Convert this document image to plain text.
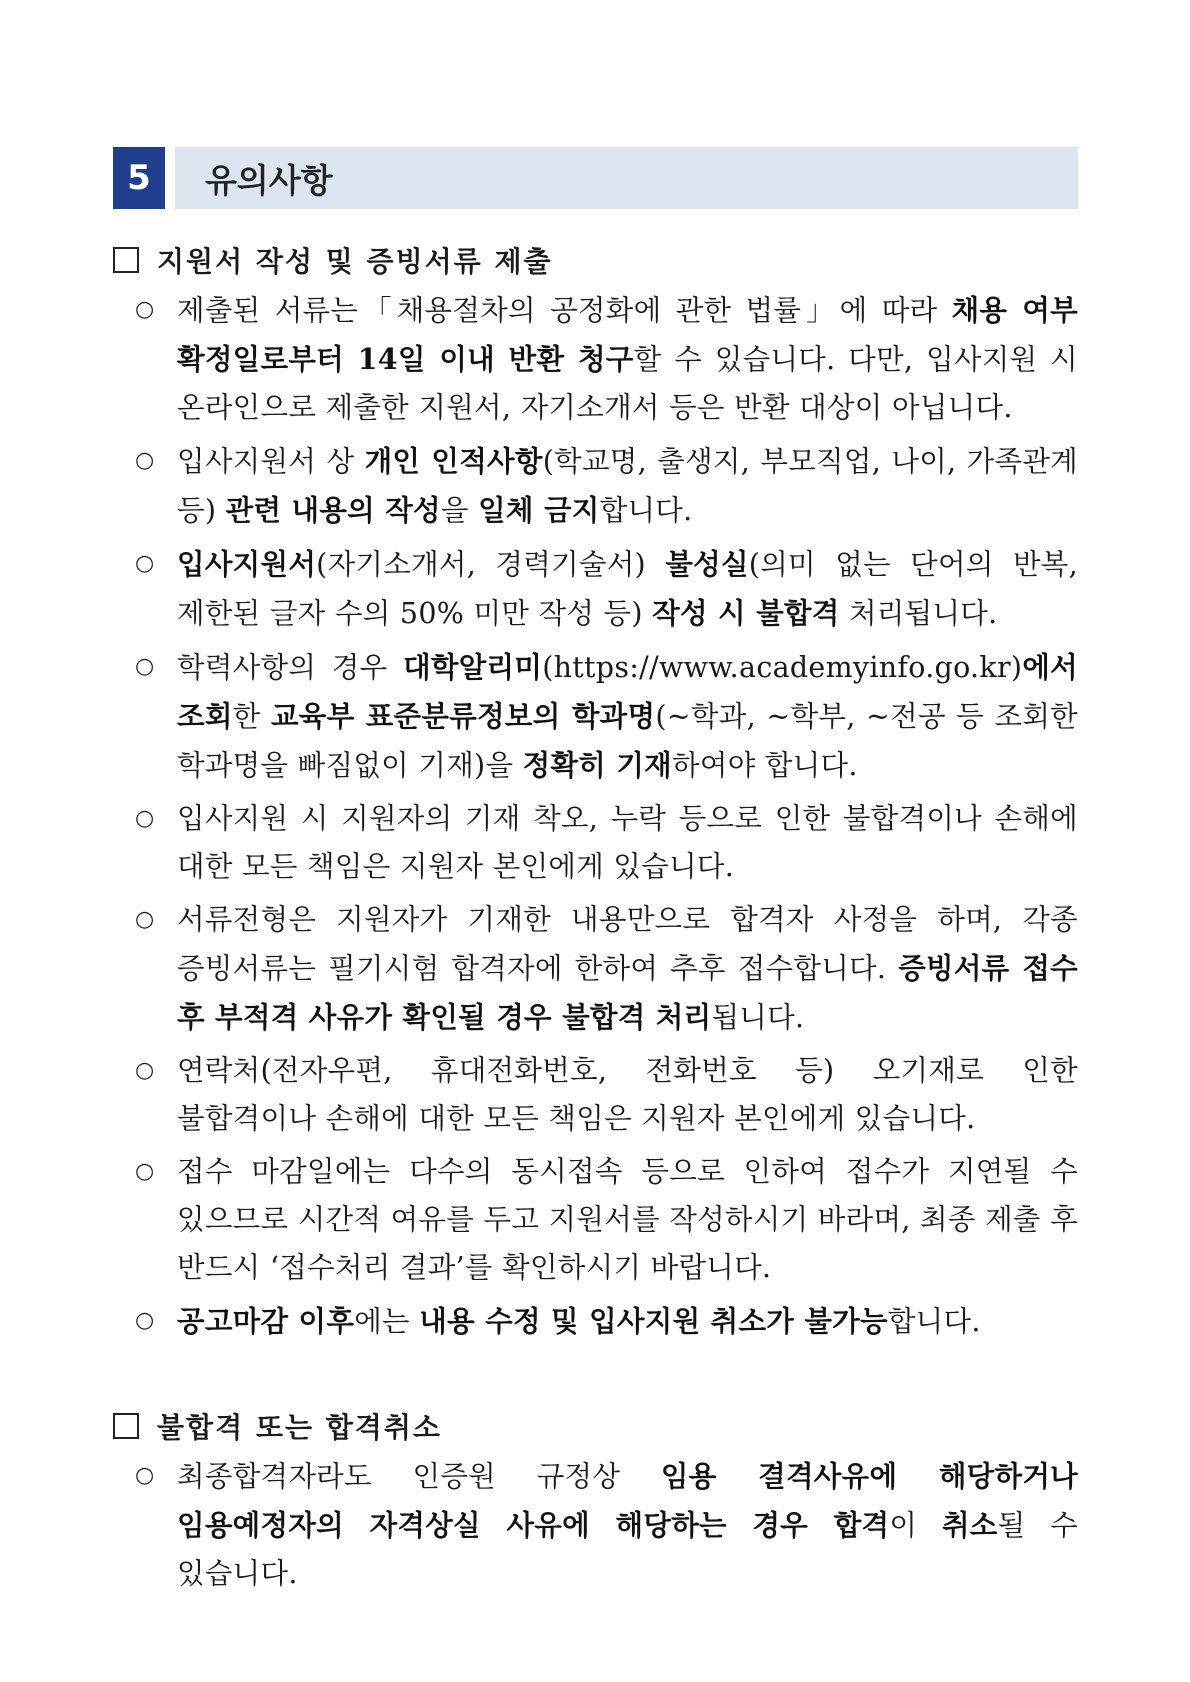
5	유의사항
지원서 작성 및 증빙서류 제출
○ 제출된 서류는「채용절차의 공정화에 관한 법률」에 따라 채용 여부 확정일로부터 14일 이내 반환 청구할 수 있습니다. 다만, 입사지원 시 온라인으로 제출한 지원서, 자기소개서 등은 반환 대상이 아닙니다.
○ 입사지원서 상 개인 인적사항(학교명, 출생지, 부모직업, 나이, 가족관계 등) 관련 내용의 작성을 일체 금지합니다.
○ 입사지원서(자기소개서, 경력기술서) 불성실(의미 없는 단어의 반복, 제한된 글자 수의 50% 미만 작성 등) 작성 시 불합격 처리됩니다.
○ 학력사항의 경우 대학알리미(https://www.academyinfo.go.kr)에서 조회한 교육부 표준분류정보의 학과명(~학과, ~학부, ~전공 등 조회한 학과명을 빠짐없이 기재)을 정확히 기재하여야 합니다.
○ 입사지원 시 지원자의 기재 착오, 누락 등으로 인한 불합격이나 손해에 대한 모든 책임은 지원자 본인에게 있습니다.
○ 서류전형은 지원자가 기재한 내용만으로 합격자 사정을 하며, 각종 증빙서류는 필기시험 합격자에 한하여 추후 접수합니다. 증빙서류 접수 후 부적격 사유가 확인될 경우 불합격 처리됩니다.
○ 연락처(전자우편, 휴대전화번호, 전화번호 등) 오기재로 인한 불합격이나 손해에 대한 모든 책임은 지원자 본인에게 있습니다.
○ 접수 마감일에는 다수의 동시접속 등으로 인하여 접수가 지연될 수 있으므로 시간적 여유를 두고 지원서를 작성하시기 바라며, 최종 제출 후 반드시 ‘접수처리 결과’를 확인하시기 바랍니다.
○ 공고마감 이후에는 내용 수정 및 입사지원 취소가 불가능합니다.
불합격 또는 합격취소
○ 최종합격자라도 인증원 규정상 임용 결격사유에 해당하거나 임용예정자의 자격상실 사유에 해당하는 경우 합격이 취소될 수 있습니다.
